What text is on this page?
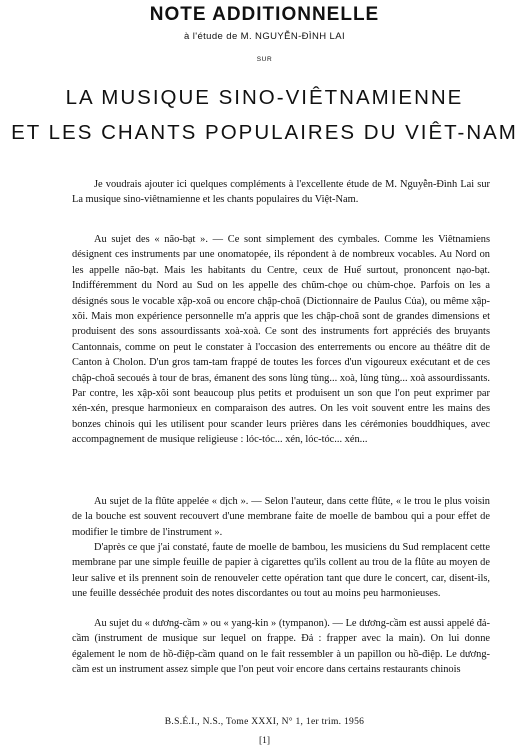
NOTE ADDITIONNELLE
à l'étude de M. NGUYỄN-ĐÌNH LAI
SUR
LA MUSIQUE SINO-VIÊTNAMIENNE
ET LES CHANTS POPULAIRES DU VIÊT-NAM

Je voudrais ajouter ici quelques compléments à l'excellente étude de M. Nguyễn-Đình Lai sur La musique sino-viêtnamienne et les chants populaires du Việt-Nam.

Au sujet des « não-bạt ». — Ce sont simplement des cymbales. Comme les Viêtnamiens désignent ces instruments par une onomatopée, ils répondent à de nombreux vocables. Au Nord on les appelle não-bạt. Mais les habitants du Centre, ceux de Huế surtout, prononcent nạo-bạt. Indifféremment du Nord au Sud on les appelle des chũm-chọe ou chùm-chọe. Parfois on les a désignés sous le vocable xập-xoã ou encore chập-choã (Dictionnaire de Paulus Của), ou même xập-xõi. Mais mon expérience personnelle m'a appris que les chập-choã sont de grandes dimensions et produisent des sons assourdissants xoà-xoà. Ce sont des instruments fort appréciés des bruyants Cantonnais, comme on peut le constater à l'occasion des enterrements ou encore au théâtre dit de Canton à Cholon. D'un gros tam-tam frappé de toutes les forces d'un vigoureux exécutant et de ces chập-choã secoués à tour de bras, émanent des sons lùng tùng... xoà, lùng tùng... xoà assourdissants. Par contre, les xập-xõi sont beaucoup plus petits et produisent un son que l'on peut exprimer par xén-xén, presque harmonieux en comparaison des autres. On les voit souvent entre les mains des bonzes chinois qui les utilisent pour scander leurs prières dans les cérémonies bouddhiques, avec accompagnement de musique religieuse : lóc-tóc... xén, lóc-tóc... xén...

Au sujet de la flûte appelée « dịch ». — Selon l'auteur, dans cette flûte, « le trou le plus voisin de la bouche est souvent recouvert d'une membrane faite de moelle de bambou qui a pour effet de modifier le timbre de l'instrument ».

D'après ce que j'ai constaté, faute de moelle de bambou, les musiciens du Sud remplacent cette membrane par une simple feuille de papier à cigarettes qu'ils collent au trou de la flûte au moyen de leur salive et ils prennent soin de renouveler cette opération tant que dure le concert, car, disent-ils, une feuille desséchée produit des notes discordantes ou tout au moins peu harmonieuses.

Au sujet du « dương-cầm » ou « yang-kin » (tympanon). — Le dương-cầm est aussi appelé đả-cầm (instrument de musique sur lequel on frappe. Đả : frapper avec la main). On lui donne également le nom de hồ-điệp-cầm quand on le fait ressembler à un papillon ou hồ-điệp. Le dương-cầm est un instrument assez simple que l'on peut voir encore dans certains restaurants chinois

B.S.É.I., N.S., Tome XXXI, N° 1, 1er trim. 1956
[1]
